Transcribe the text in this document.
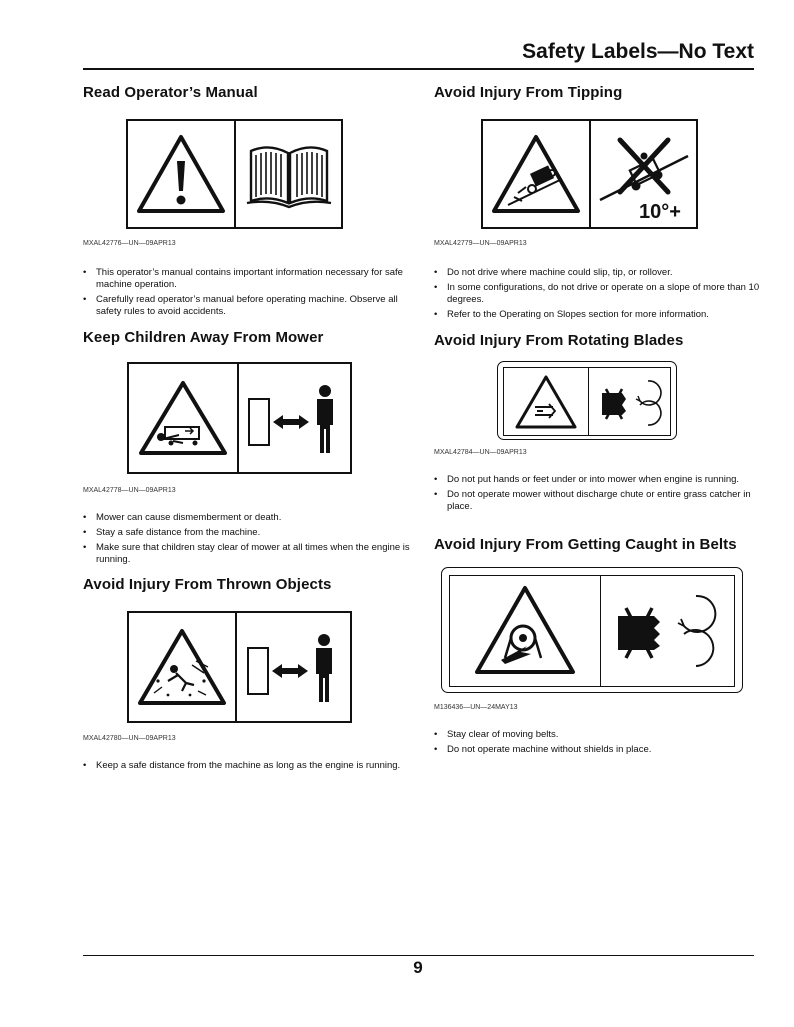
Safety Labels—No Text
Read Operator’s Manual
MXAL42776—UN—09APR13
• This operator’s manual contains important information necessary for safe machine operation.
• Carefully read operator’s manual before operating machine. Observe all safety rules to avoid accidents.
Keep Children Away From Mower
MXAL42778—UN—09APR13
• Mower can cause dismemberment or death.
• Stay a safe distance from the machine.
• Make sure that children stay clear of mower at all times when the engine is running.
Avoid Injury From Thrown Objects
MXAL42780—UN—09APR13
• Keep a safe distance from the machine as long as the engine is running.
Avoid Injury From Tipping
10°+
MXAL42779—UN—09APR13
• Do not drive where machine could slip, tip, or rollover.
• In some configurations, do not drive or operate on a slope of more than 10 degrees.
• Refer to the Operating on Slopes section for more information.
Avoid Injury From Rotating Blades
MXAL42784—UN—09APR13
• Do not put hands or feet under or into mower when engine is running.
• Do not operate mower without discharge chute or entire grass catcher in place.
Avoid Injury From Getting Caught in Belts
M136436—UN—24MAY13
• Stay clear of moving belts.
• Do not operate machine without shields in place.
9
